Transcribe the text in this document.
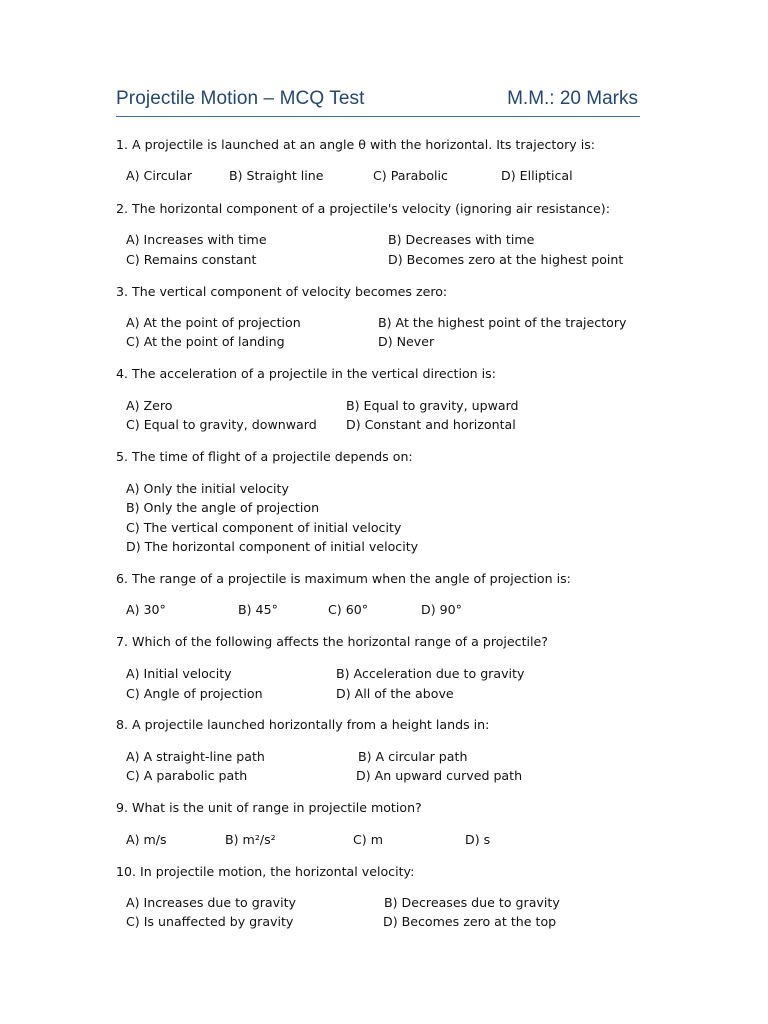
Projectile Motion – MCQ Test	M.M.: 20 Marks
1. A projectile is launched at an angle θ with the horizontal. Its trajectory is:
A) Circular	B) Straight line	C) Parabolic	D) Elliptical
2. The horizontal component of a projectile's velocity (ignoring air resistance):
A) Increases with time	B) Decreases with time
C) Remains constant	D) Becomes zero at the highest point
3. The vertical component of velocity becomes zero:
A) At the point of projection	B) At the highest point of the trajectory
C) At the point of landing	D) Never
4. The acceleration of a projectile in the vertical direction is:
A) Zero	B) Equal to gravity, upward
C) Equal to gravity, downward D) Constant and horizontal
5. The time of flight of a projectile depends on:
A) Only the initial velocity
B) Only the angle of projection
C) The vertical component of initial velocity
D) The horizontal component of initial velocity
6. The range of a projectile is maximum when the angle of projection is:
A) 30°	B) 45°	C) 60°	D) 90°
7. Which of the following affects the horizontal range of a projectile?
A) Initial velocity	B) Acceleration due to gravity
C) Angle of projection	D) All of the above
8. A projectile launched horizontally from a height lands in:
A) A straight-line path	B) A circular path
C) A parabolic path	D) An upward curved path
9. What is the unit of range in projectile motion?
A) m/s	B) m²/s²	C) m	D) s
10. In projectile motion, the horizontal velocity:
A) Increases due to gravity	B) Decreases due to gravity
C) Is unaffected by gravity	D) Becomes zero at the top
